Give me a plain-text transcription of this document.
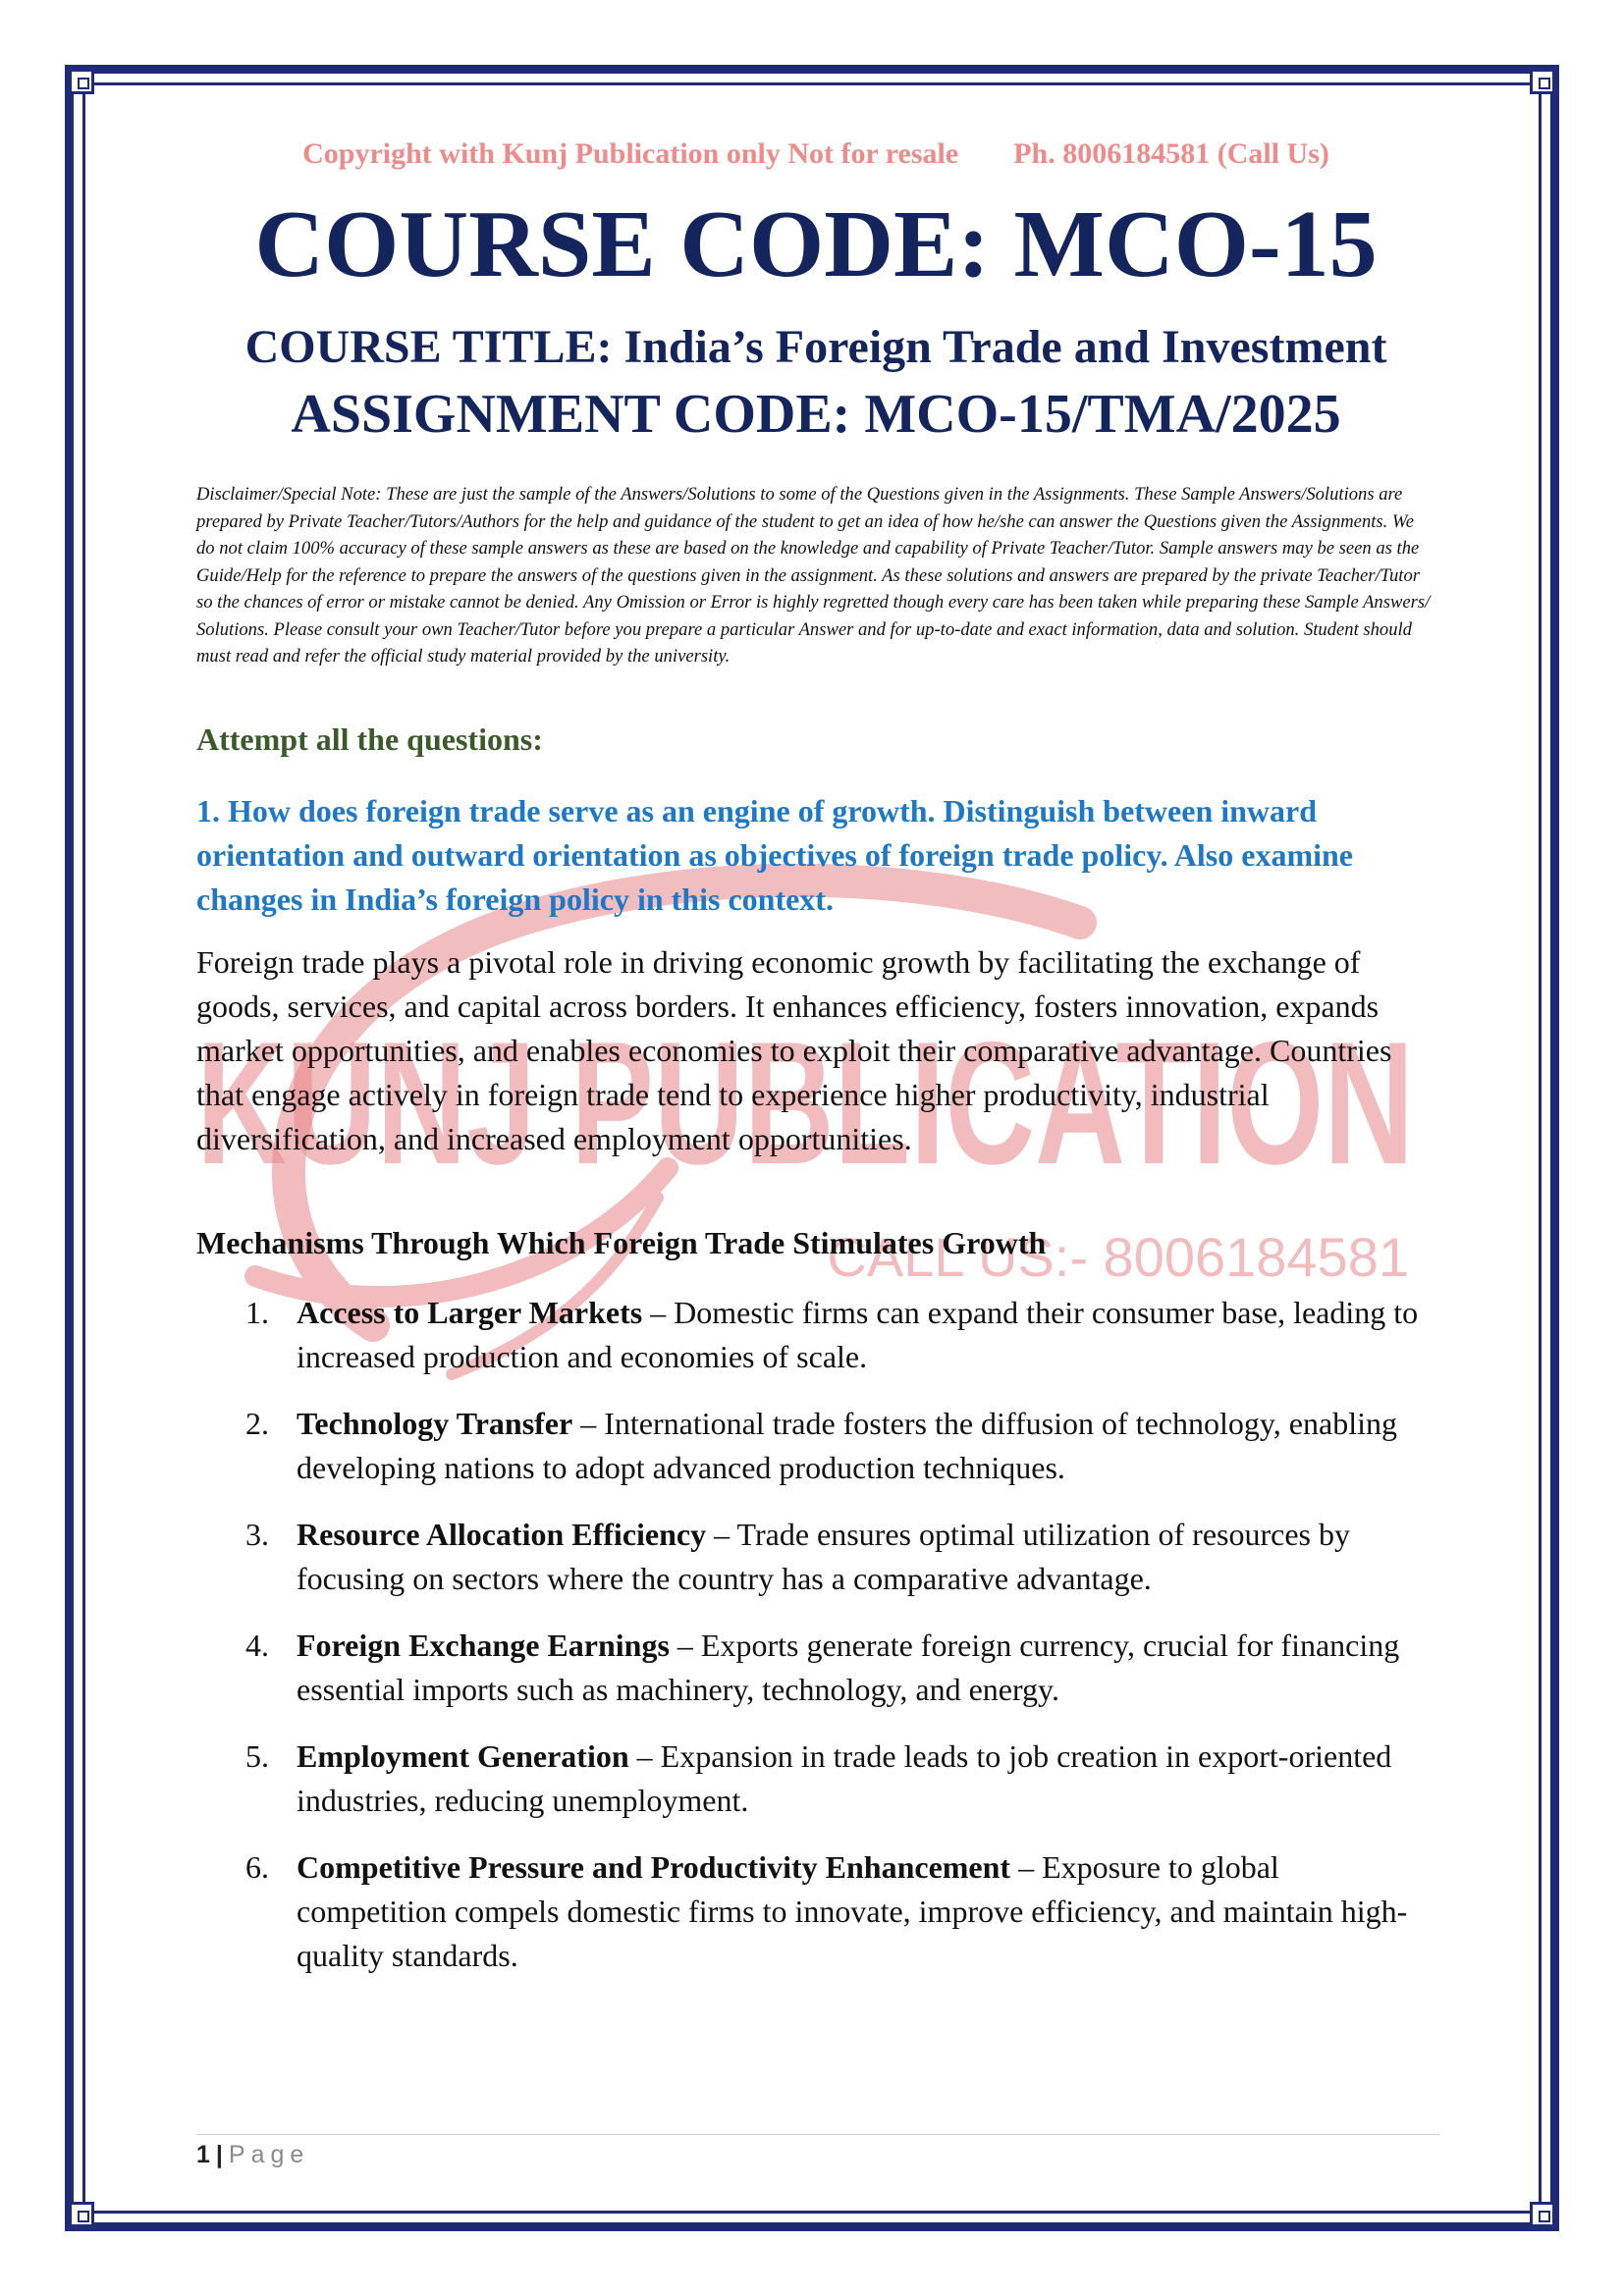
KUNJ PUBLICATION
CALL US:- 8006184581

Copyright with Kunj Publication only Not for resale Ph. 8006184581 (Call Us)

COURSE CODE: MCO-15
COURSE TITLE: India’s Foreign Trade and Investment
ASSIGNMENT CODE: MCO-15/TMA/2025

Disclaimer/Special Note: These are just the sample of the Answers/Solutions to some of the Questions given in the Assignments. These Sample Answers/Solutions are prepared by Private Teacher/Tutors/Authors for the help and guidance of the student to get an idea of how he/she can answer the Questions given the Assignments. We do not claim 100% accuracy of these sample answers as these are based on the knowledge and capability of Private Teacher/Tutor. Sample answers may be seen as the Guide/Help for the reference to prepare the answers of the questions given in the assignment. As these solutions and answers are prepared by the private Teacher/Tutor so the chances of error or mistake cannot be denied. Any Omission or Error is highly regretted though every care has been taken while preparing these Sample Answers/ Solutions. Please consult your own Teacher/Tutor before you prepare a particular Answer and for up-to-date and exact information, data and solution. Student should must read and refer the official study material provided by the university.

Attempt all the questions:

1. How does foreign trade serve as an engine of growth. Distinguish between inward orientation and outward orientation as objectives of foreign trade policy. Also examine changes in India’s foreign policy in this context.

Foreign trade plays a pivotal role in driving economic growth by facilitating the exchange of goods, services, and capital across borders. It enhances efficiency, fosters innovation, expands market opportunities, and enables economies to exploit their comparative advantage. Countries that engage actively in foreign trade tend to experience higher productivity, industrial diversification, and increased employment opportunities.

Mechanisms Through Which Foreign Trade Stimulates Growth

1. Access to Larger Markets – Domestic firms can expand their consumer base, leading to increased production and economies of scale.
2. Technology Transfer – International trade fosters the diffusion of technology, enabling developing nations to adopt advanced production techniques.
3. Resource Allocation Efficiency – Trade ensures optimal utilization of resources by focusing on sectors where the country has a comparative advantage.
4. Foreign Exchange Earnings – Exports generate foreign currency, crucial for financing essential imports such as machinery, technology, and energy.
5. Employment Generation – Expansion in trade leads to job creation in export-oriented industries, reducing unemployment.
6. Competitive Pressure and Productivity Enhancement – Exposure to global competition compels domestic firms to innovate, improve efficiency, and maintain high-quality standards.
1 | Page
